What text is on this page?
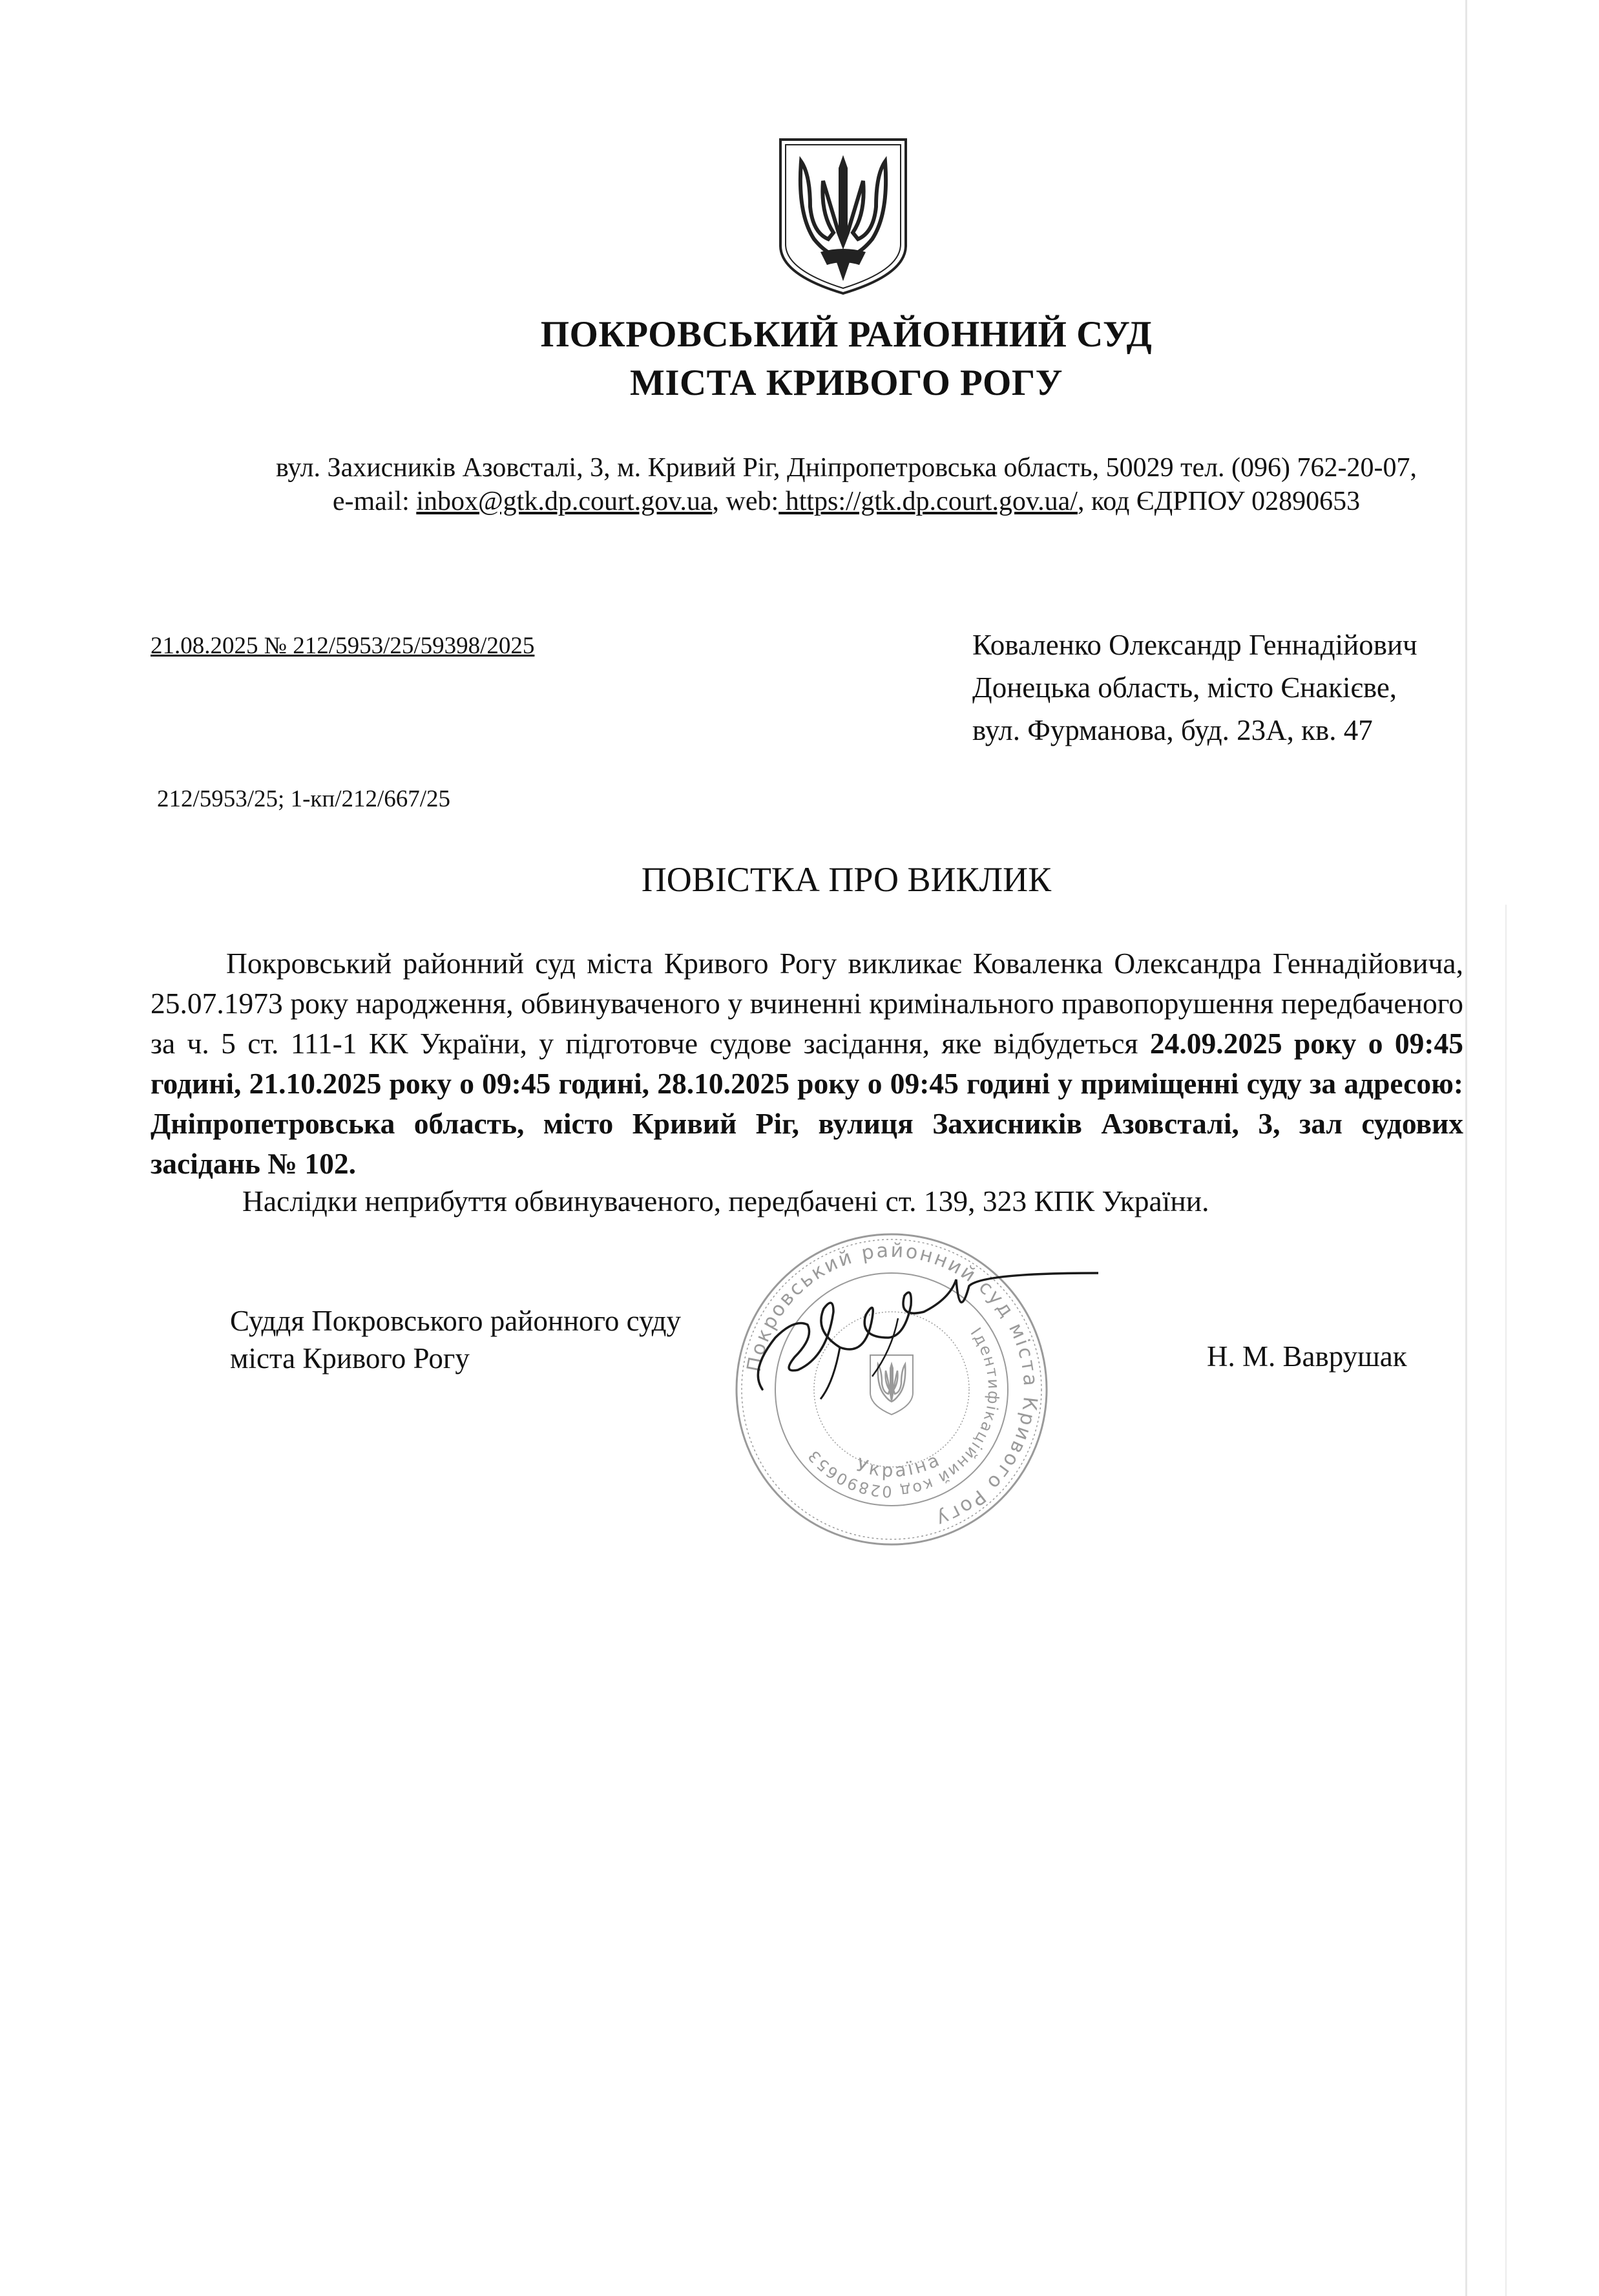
ПОКРОВСЬКИЙ РАЙОННИЙ СУД
МІСТА КРИВОГО РОГУ
вул. Захисників Азовсталі, 3, м. Кривий Ріг, Дніпропетровська область, 50029 тел. (096) 762-20-07,
e-mail: inbox@gtk.dp.court.gov.ua, web: https://gtk.dp.court.gov.ua/, код ЄДРПОУ 02890653
21.08.2025 № 212/5953/25/59398/2025	Коваленко Олександр Геннадійович
Донецька область, місто Єнакієве,
вул. Фурманова, буд. 23А, кв. 47
212/5953/25; 1-кп/212/667/25
ПОВІСТКА ПРО ВИКЛИК

Покровський районний суд міста Кривого Рогу викликає Коваленка Олександра Геннадійовича, 25.07.1973 року народження, обвинуваченого у вчиненні кримінального правопорушення передбаченого за ч. 5 ст. 111-1 КК України, у підготовче судове засідання, яке відбудеться 24.09.2025 року о 09:45 годині, 21.10.2025 року о 09:45 годині, 28.10.2025 року о 09:45 годині у приміщенні суду за адресою: Дніпропетровська область, місто Кривий Ріг, вулиця Захисників Азовсталі, 3, зал судових засідань № 102.

Наслідки неприбуття обвинуваченого, передбачені ст. 139, 323 КПК України.
Суддя Покровського районного суду
міста Кривого Рогу	Н. М. Ваврушак
Покровський районний суд міста Кривого Рогу
Ідентифікаційний код 02890653	Україна
